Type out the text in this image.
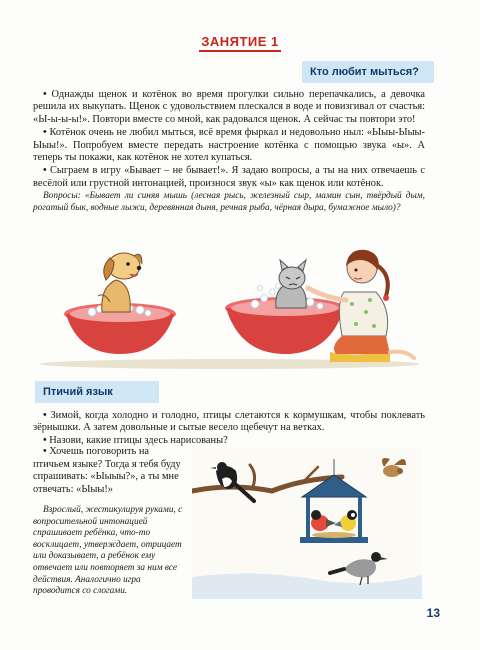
ЗАНЯТИЕ 1
Кто любит мыться?

• Однажды щенок и котёнок во время прогулки сильно перепачкались, а девочка решила их выкупать. Щенок с удовольствием плескался в воде и повизгивал от счастья: «Ы-ы-ы-ы!». Повтори вместе со мной, как радовался щенок. А сейчас ты повтори это!

• Котёнок очень не любил мыться, всё время фыркал и недовольно ныл: «Ыыы-Ыыы-Ыыы!». Попробуем вместе передать настроение котёнка с помощью звука «ы». А теперь ты покажи, как котёнок не хотел купаться.

• Сыграем в игру «Бывает – не бывает!». Я задаю вопросы, а ты на них отвечаешь с весёлой или грустной интонацией, произнося звук «ы» как щенок или котёнок.

Вопросы: «Бывает ли синяя мышь (лесная рысь, железный сыр, мамин сын, твёрдый дым, рогатый бык, водные лыжи, деревянная дыня, речная рыба, чёрная дыра, бумажное мыло)?

Птичий язык

• Зимой, когда холодно и голодно, птицы слетаются к кормушкам, чтобы поклевать зёрнышки. А затем довольные и сытые весело щебечут на ветках.

• Назови, какие птицы здесь нарисованы?

• Хочешь поговорить на птичьем языке? Тогда я тебя буду спрашивать: «Ыыыы?», а ты мне отвечать: «Ыыы!»

Взрослый, жестикулируя руками, с вопросительной интонацией спрашивает ребёнка, что-то восклицает, утверждает, отрицает или доказывает, а ребёнок ему отвечает или повторяет за ним все действия. Аналогично игра проводится со слогами.

13
